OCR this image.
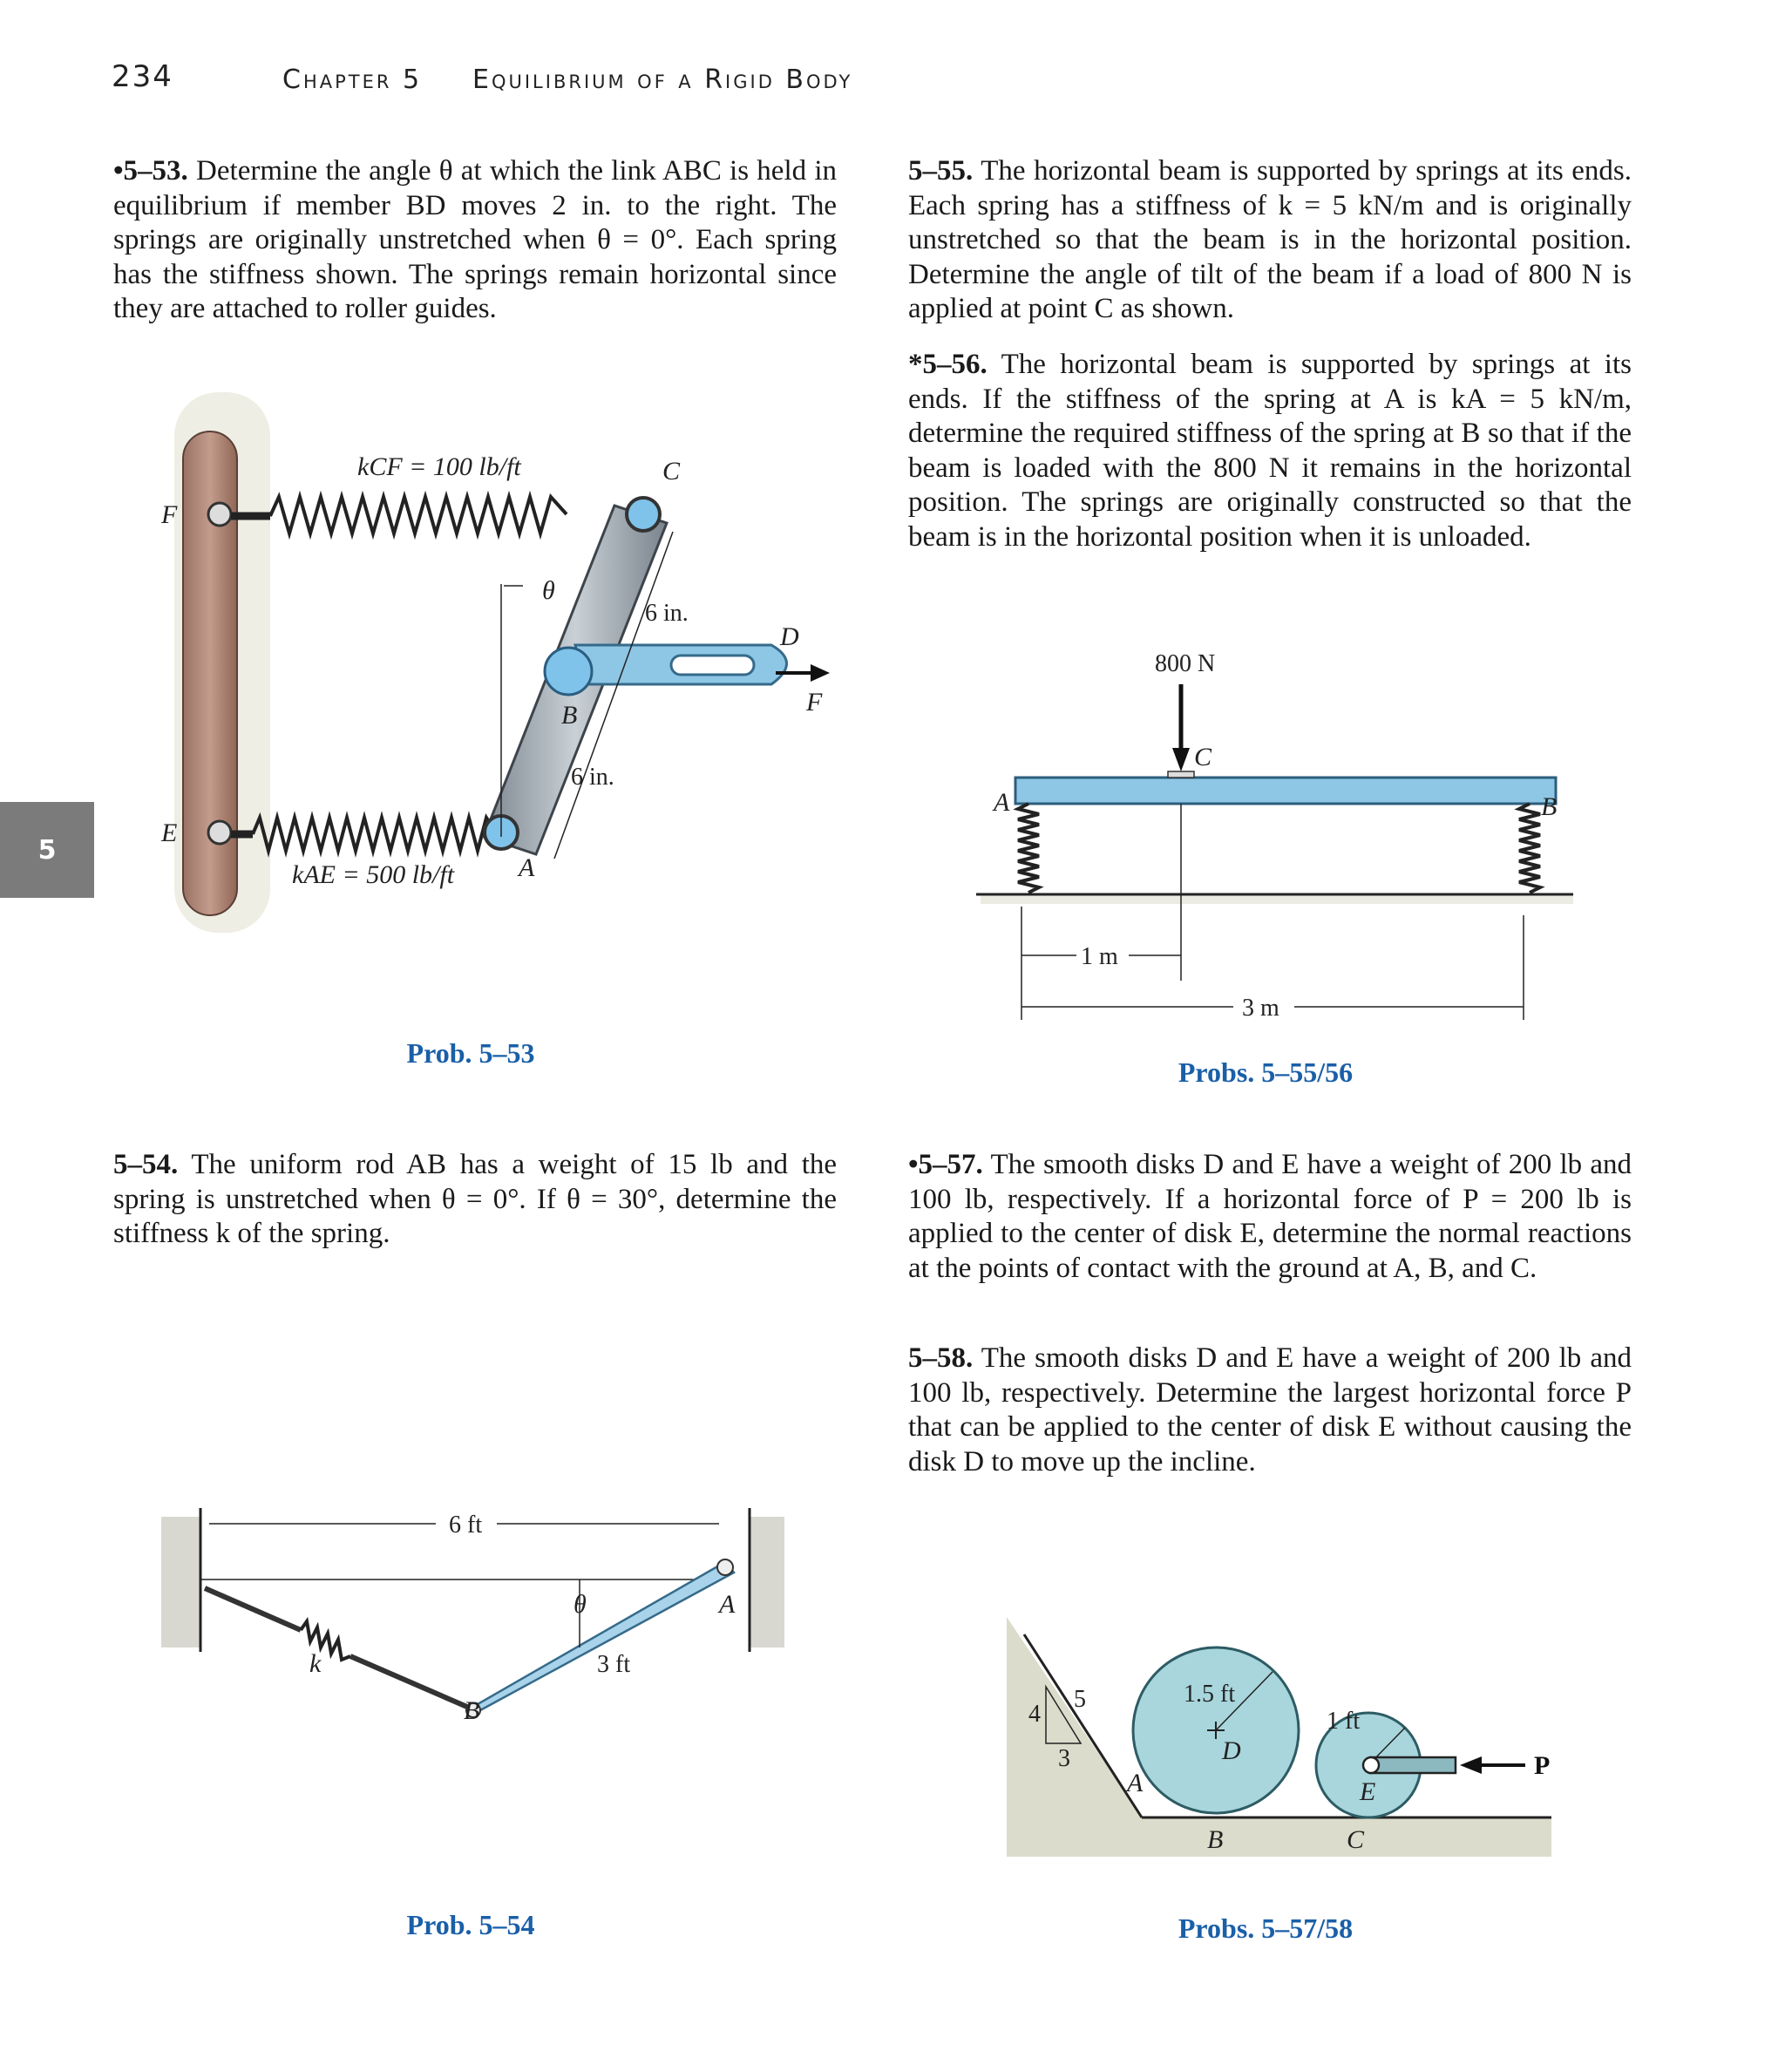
234	Chapter 5 Equilibrium of a Rigid Body
5

•5–53. Determine the angle θ at which the link ABC is held in equilibrium if member BD moves 2 in. to the right. The springs are originally unstretched when θ = 0°. Each spring has the stiffness shown. The springs remain horizontal since they are attached to roller guides.

5–55. The horizontal beam is supported by springs at its ends. Each spring has a stiffness of k = 5 kN/m and is originally unstretched so that the beam is in the horizontal position. Determine the angle of tilt of the beam if a load of 800 N is applied at point C as shown.

*5–56. The horizontal beam is supported by springs at its ends. If the stiffness of the spring at A is kA = 5 kN/m, determine the required stiffness of the spring at B so that if the beam is loaded with the 800 N it remains in the horizontal position. The springs are originally constructed so that the beam is in the horizontal position when it is unloaded.

5–54. The uniform rod AB has a weight of 15 lb and the spring is unstretched when θ = 0°. If θ = 30°, determine the stiffness k of the spring.

•5–57. The smooth disks D and E have a weight of 200 lb and 100 lb, respectively. If a horizontal force of P = 200 lb is applied to the center of disk E, determine the normal reactions at the points of contact with the ground at A, B, and C.

5–58. The smooth disks D and E have a weight of 200 lb and 100 lb, respectively. Determine the largest horizontal force P that can be applied to the center of disk E without causing the disk D to move up the incline.

kCF = 100 lb/ft
kAE = 500 lb/ft
F
E
C
B
A
D
F
θ
6 in.
6 in.
Prob. 5–53
800 N
C
A	B
1 m
3 m
Probs. 5–55/56
6 ft
3 ft
k
B
A
θ
Prob. 5–54
1.5 ft
1 ft
P
4
5
3
A
B	C
D
E
Probs. 5–57/58
